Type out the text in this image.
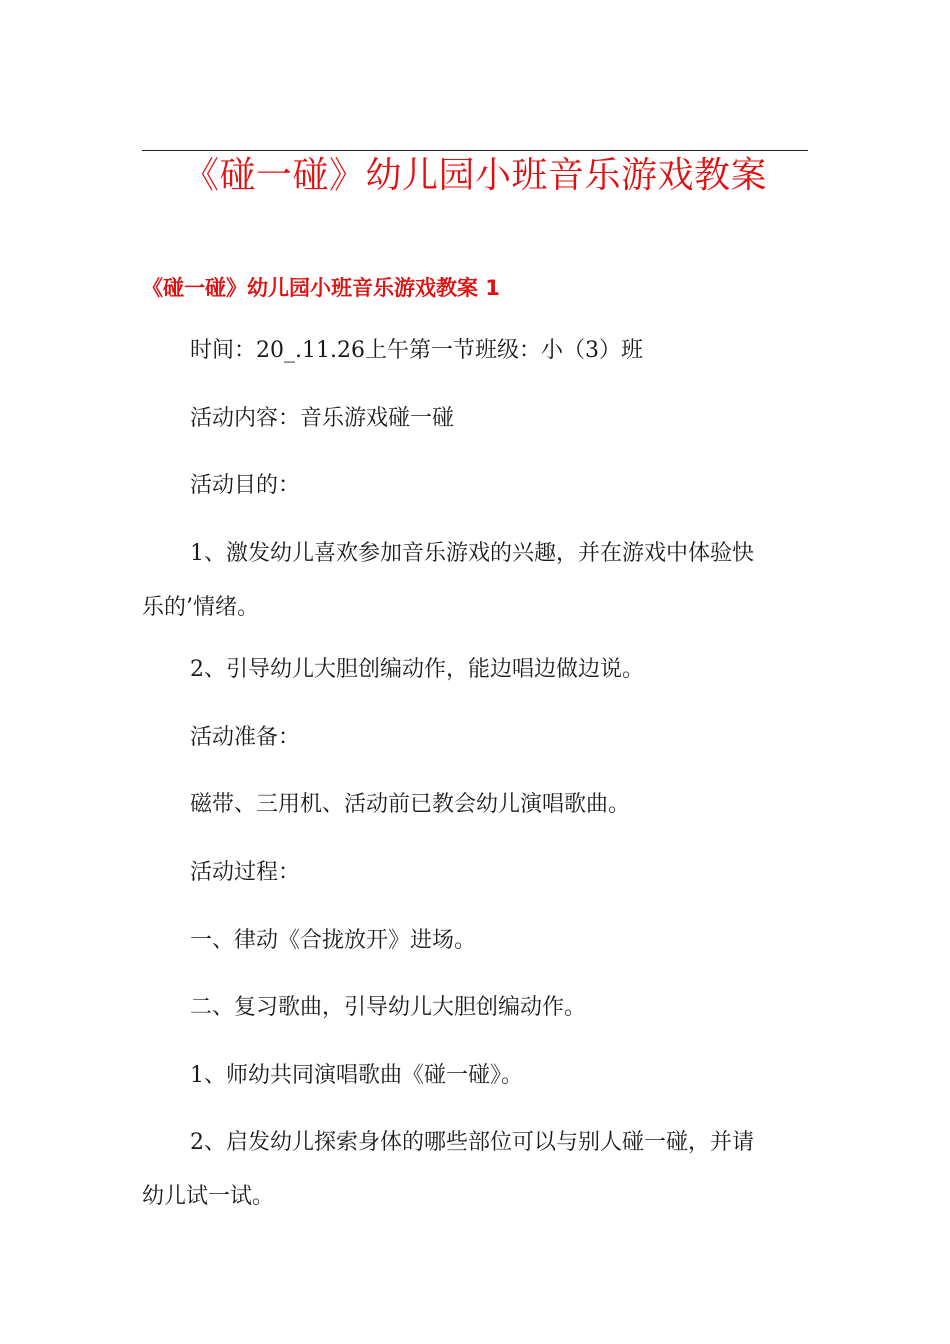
《碰一碰》幼儿园小班音乐游戏教案
《碰一碰》幼儿园小班音乐游戏教案 1

时间：20_.11.26上午第一节班级：小（3）班

活动内容：音乐游戏碰一碰

活动目的：

1、激发幼儿喜欢参加音乐游戏的兴趣，并在游戏中体验快
乐的’情绪。

2、引导幼儿大胆创编动作，能边唱边做边说。

活动准备：

磁带、三用机、活动前已教会幼儿演唱歌曲。

活动过程：

一、律动《合拢放开》进场。

二、复习歌曲，引导幼儿大胆创编动作。

1、师幼共同演唱歌曲《碰一碰》。

2、启发幼儿探索身体的哪些部位可以与别人碰一碰，并请
幼儿试一试。
